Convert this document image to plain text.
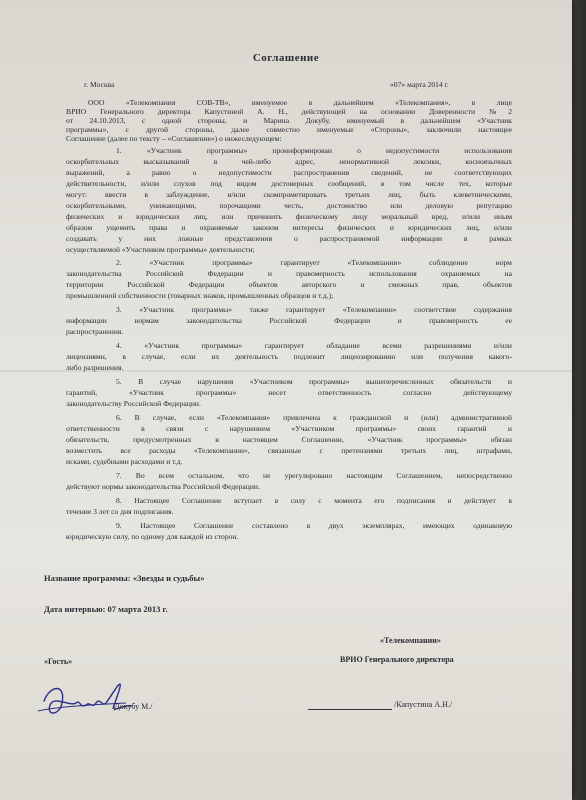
Соглашение
г. Москва	«07» марта 2014 г.
ООО «Телекомпания СОВ-ТВ», именуемое в дальнейшем «Телекомпания», в лице
ВРИО Генерального директора Капустиной А. Н., действующей на основании Доверенности №2
от 24.10.2013, с одной стороны, и Марина Докубу, именуемый в дальнейшем «Участник
программы», с другой стороны, далее совместно именуемые «Стороны», заключили настоящее
Соглашение (далее по тексту – «Соглашение») о нижеследующем:
1. «Участник программы» проинформирован о недопустимости использования
оскорбительных высказываний в чей-либо адрес, ненормативной лексики, косноязычных
выражений, а равно о недопустимости распространения сведений, не соответствующих
действительности, и/или слухов под видом достоверных сообщений, в том числе тех, которые
могут: ввести в заблуждение, и/или скомпрометировать третьих лиц, быть клеветническими,
оскорбительными, унижающими, порочащими честь, достоинство или деловую репутацию
физических и юридических лиц, или причинить физическому лицу моральный вред, и/или иным
образом ущемить права и охраняемые законом интересы физических и юридических лиц, и/или
создавать у них ложные представления о распространяемой информации в рамках
осуществляемой «Участником программы» деятельности;
2. «Участник программы» гарантирует «Телекомпании» соблюдение норм
законодательства Российской Федерации и правомерность использования охраняемых на
территории Российской Федерации объектов авторского и смежных прав, объектов
промышленной собственности (товарных знаков, промышленных образцов и т.д.);
3. «Участник программы» также гарантирует «Телекомпании» соответствие содержания
информации нормам законодательства Российской Федерации и правомерность ее
распространения.
4. «Участник программы» гарантирует обладание всеми разрешениями и/или
лицензиями, в случае, если их деятельность подлежит лицензированию или получения какого-
либо разрешения.
5. В случае нарушения «Участником программы» вышеперечисленных обязательств и
гарантий, «Участник программы» несет ответственность согласно действующему
законодательству Российской Федерации.
6. В случае, если «Телекомпания» привлечена к гражданской и (или) административной
ответственности в связи с нарушением «Участником программы» своих гарантий и
обязательств, предусмотренных в настоящем Соглашении, «Участник программы» обязан
возместить все расходы «Телекомпании», связанные с претензиями третьих лиц, штрафами,
исками, судебными расходами и т.д.
7. Во всем остальном, что не урегулировано настоящим Соглашением, непосредственно
действуют нормы законодательства Российской Федерации.
8. Настоящее Соглашение вступает в силу с момента его подписания и действует в
течение 3 лет со дня подписания.
9. Настоящее Соглашение составлено в двух экземплярах, имеющих одинаковую
юридическую силу, по одному для каждой из сторон.
Название программы: «Звезды и судьбы»
Дата интервью: 07 марта 2013 г.
«Гость»
«Телекомпании»
ВРИО Генерального директора
/Докубу М./	/Капустина А.Н./
